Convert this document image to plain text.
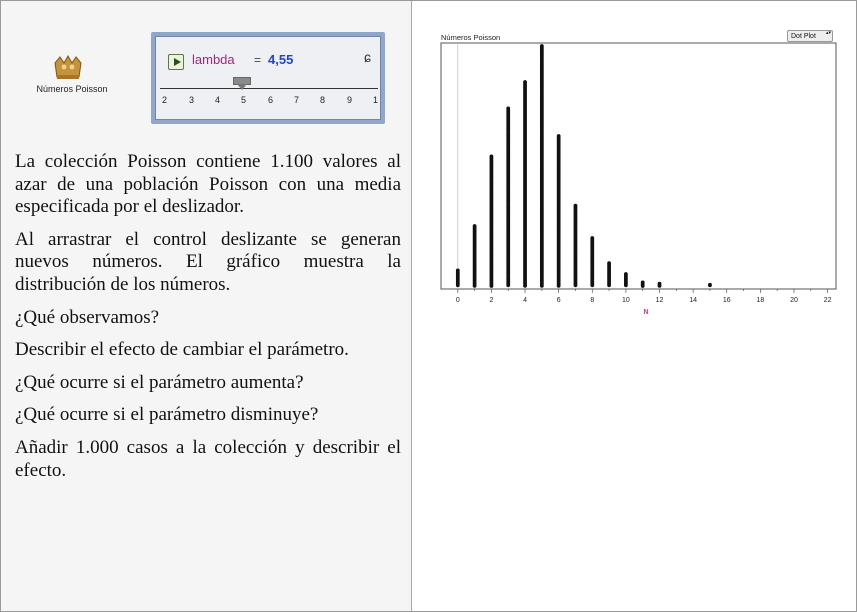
Números Poisson
lambda = 4,55	ɕ
2 3 4 5 6 7 8 9 1

La colección Poisson contiene 1.100 valores al azar de una población Poisson con una media especificada por el deslizador.

Al arrastrar el control deslizante se generan nuevos números. El gráfico muestra la distribución de los números.

¿Qué observamos?

Describir el efecto de cambiar el parámetro.

¿Qué ocurre si el parámetro aumenta?

¿Qué ocurre si el parámetro disminuye?

Añadir 1.000 casos a la colección y describir el efecto.

Números Poisson	Dot Plot ▴▾
0	2	4	6	8	10	12	14	16	18	20	22
N
